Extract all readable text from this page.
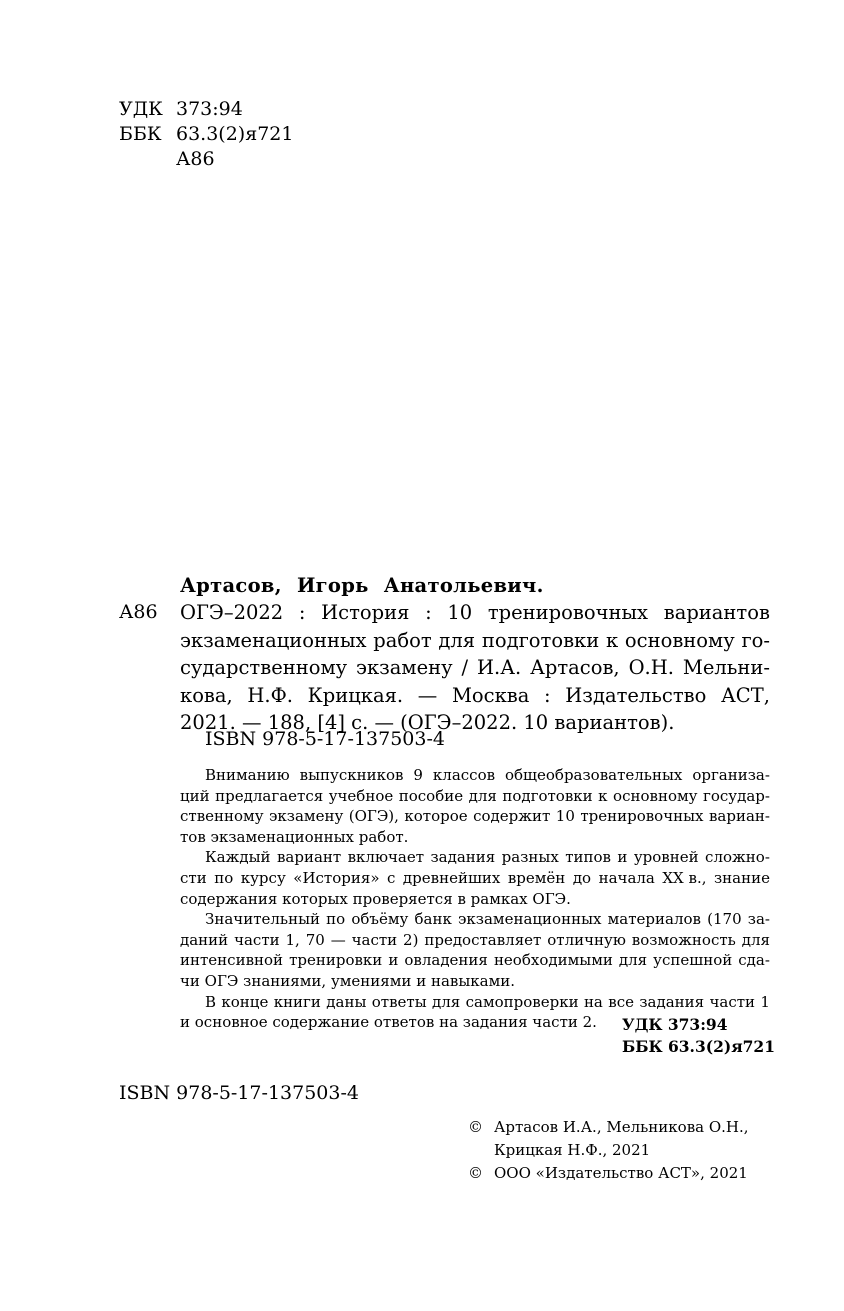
УДК 373:94
ББК 63.3(2)я721
А86
Артасов, Игорь Анатольевич.
А86 ОГЭ–2022 : История : 10 тренировочных вариантов
экзаменационных работ для подготовки к основному го-
сударственному экзамену / И.А. Артасов, О.Н. Мельни-
кова, Н.Ф. Крицкая. — Москва : Издательство АСТ,
2021. — 188, [4] с. — (ОГЭ–2022. 10 вариантов).
ISBN 978-5-17-137503-4
Вниманию выпускников 9 классов общеобразовательных организа-
ций предлагается учебное пособие для подготовки к основному государ-
ственному экзамену (ОГЭ), которое содержит 10 тренировочных вариан-
тов экзаменационных работ.
Каждый вариант включает задания разных типов и уровней сложно-
сти по курсу «История» с древнейших времён до начала XX в., знание
содержания которых проверяется в рамках ОГЭ.
Значительный по объёму банк экзаменационных материалов (170 за-
даний части 1, 70 — части 2) предоставляет отличную возможность для
интенсивной тренировки и овладения необходимыми для успешной сда-
чи ОГЭ знаниями, умениями и навыками.
В конце книги даны ответы для самопроверки на все задания части 1
и основное содержание ответов на задания части 2.	УДК 373:94
ББК 63.3(2)я721
ISBN 978-5-17-137503-4
© Артасов И.А., Мельникова О.Н.,
Крицкая Н.Ф., 2021
© ООО «Издательство АСТ», 2021
